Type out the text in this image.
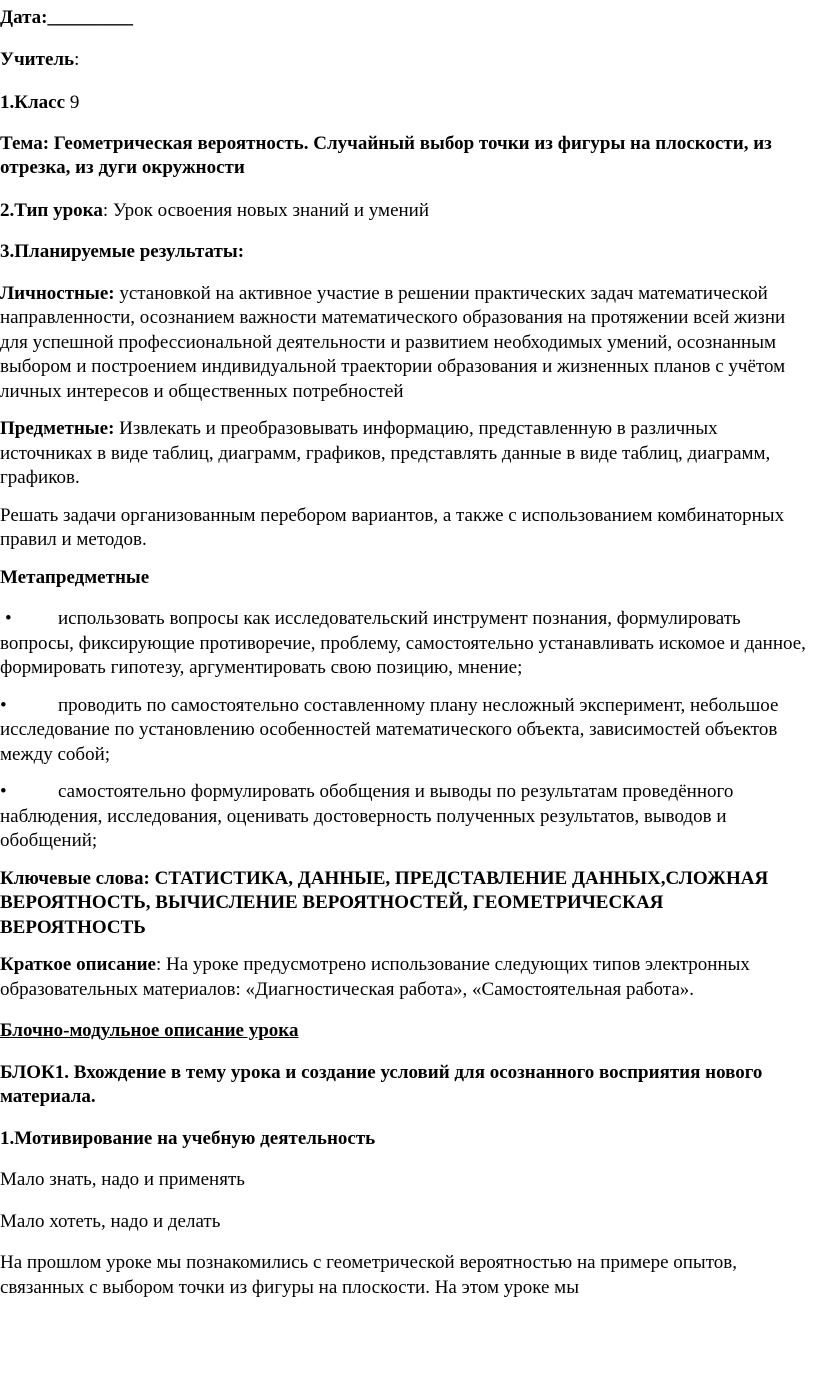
Дата:_________

Учитель:

1.Класс 9

Тема: Геометрическая вероятность. Случайный выбор точки из фигуры на плоскости, из отрезка, из дуги окружности

2.Тип урока: Урок освоения новых знаний и умений

3.Планируемые результаты:

Личностные: установкой на активное участие в решении практических задач математической направленности, осознанием важности математического образования на протяжении всей жизни для успешной профессиональной деятельности и развитием необходимых умений, осознанным выбором и построением индивидуальной траектории образования и жизненных планов с учётом личных интересов и общественных потребностей

Предметные: Извлекать и преобразовывать информацию, представленную в различных источниках в виде таблиц, диаграмм, графиков, представлять данные в виде таблиц, диаграмм, графиков.

Решать задачи организованным перебором вариантов, а также с использованием комбинаторных правил и методов.

Метапредметные

• использовать вопросы как исследовательский инструмент познания, формулировать вопросы, фиксирующие противоречие, проблему, самостоятельно устанавливать искомое и данное, формировать гипотезу, аргументировать свою позицию, мнение;

•	проводить по самостоятельно составленному плану несложный эксперимент, небольшое исследование по установлению особенностей математического объекта, зависимостей объектов между собой;

•	самостоятельно формулировать обобщения и выводы по результатам проведённого наблюдения, исследования, оценивать достоверность полученных результатов, выводов и обобщений;

Ключевые слова: СТАТИСТИКА, ДАННЫЕ, ПРЕДСТАВЛЕНИЕ ДАННЫХ,СЛОЖНАЯ ВЕРОЯТНОСТЬ, ВЫЧИСЛЕНИЕ ВЕРОЯТНОСТЕЙ, ГЕОМЕТРИЧЕСКАЯ ВЕРОЯТНОСТЬ

Краткое описание: На уроке предусмотрено использование следующих типов электронных образовательных материалов: «Диагностическая работа», «Самостоятельная работа».

Блочно-модульное описание урока

БЛОК1. Вхождение в тему урока и создание условий для осознанного восприятия нового материала.

1.Мотивирование на учебную деятельность

Мало знать, надо и применять

Мало хотеть, надо и делать

На прошлом уроке мы познакомились с геометрической вероятностью на примере опытов, связанных с выбором точки из фигуры на плоскости. На этом уроке мы
